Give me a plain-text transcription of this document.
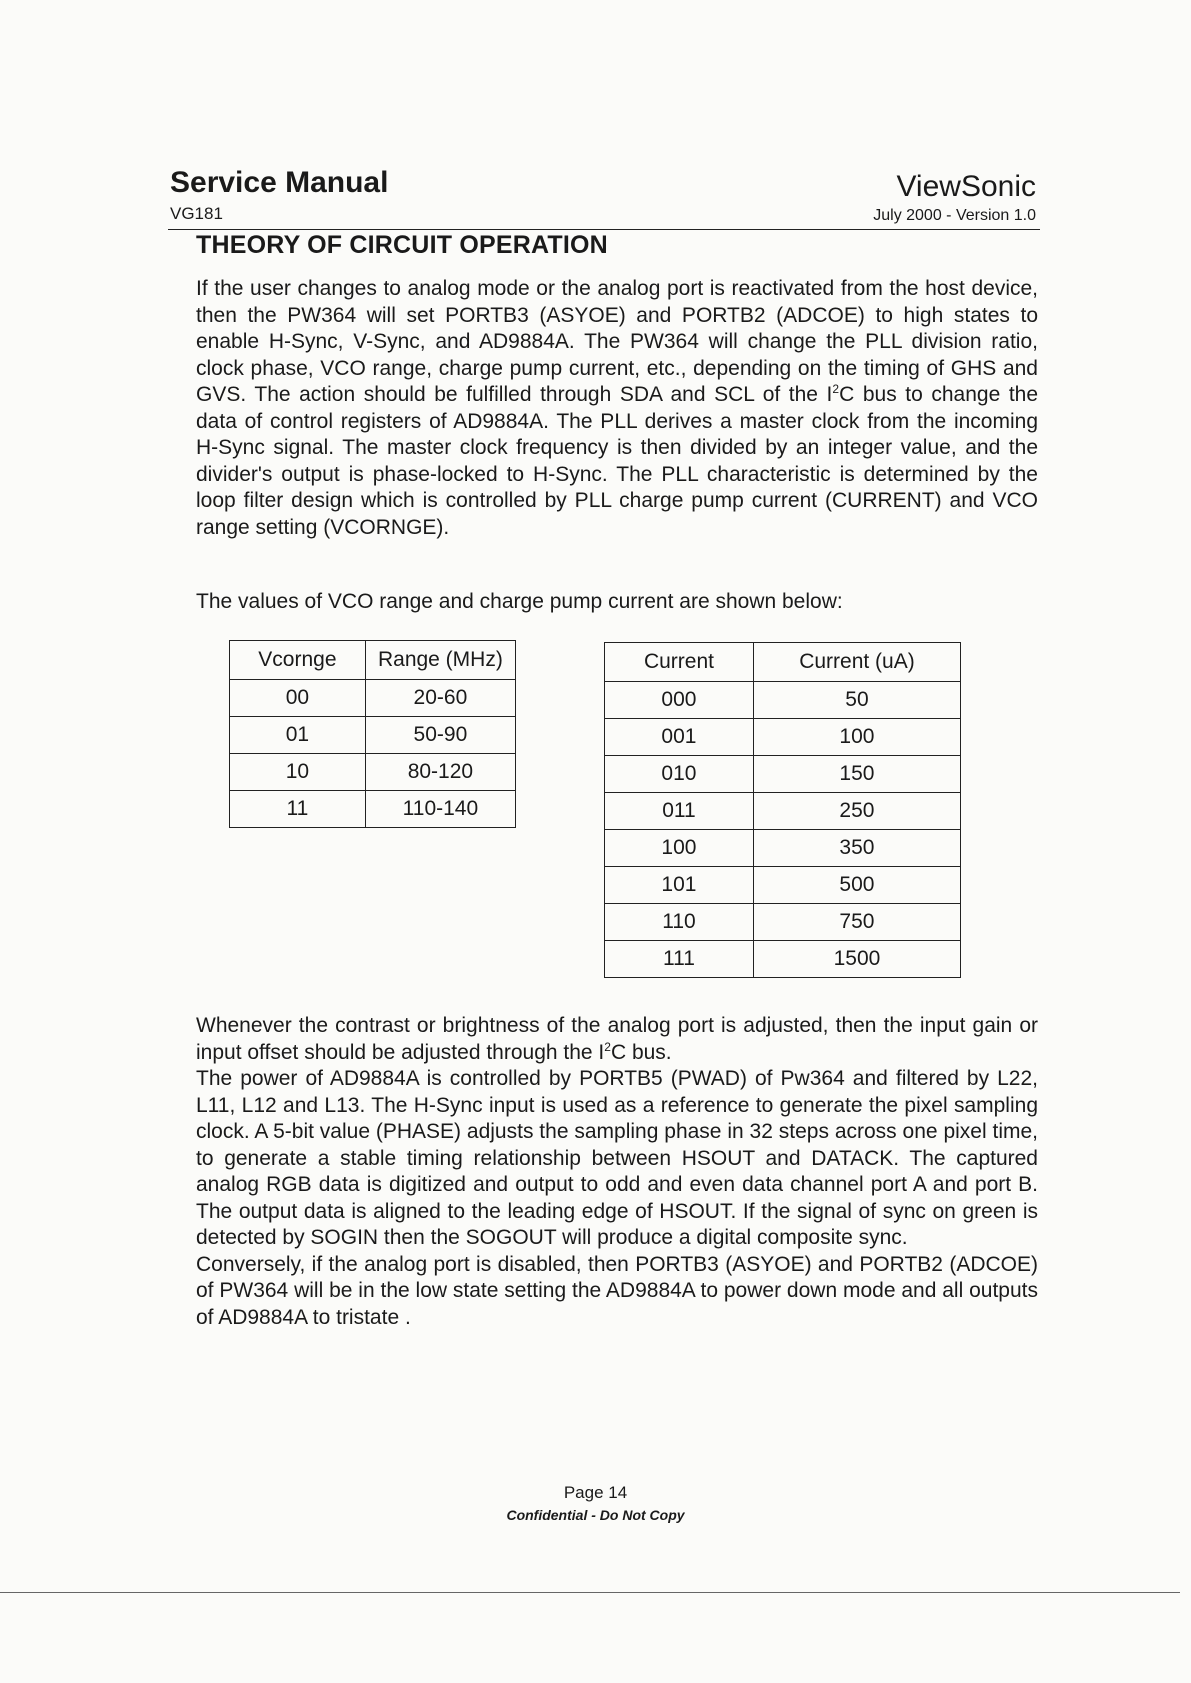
Service Manual	ViewSonic
VG181	July 2000 - Version 1.0
THEORY OF CIRCUIT OPERATION

If the user changes to analog mode or the analog port is reactivated from the host device, then the PW364 will set PORTB3 (ASYOE) and PORTB2 (ADCOE) to high states to enable H-Sync, V-Sync, and AD9884A. The PW364 will change the PLL division ratio, clock phase, VCO range, charge pump current, etc., depending on the timing of GHS and GVS. The action should be fulfilled through SDA and SCL of the $I^2C$ bus to change the data of control registers of AD9884A. The PLL derives a master clock from the incoming H-Sync signal. The master clock frequency is then divided by an integer value, and the divider's output is phase-locked to H-Sync. The PLL characteristic is determined by the loop filter design which is controlled by PLL charge pump current (CURRENT) and VCO range setting (VCORNGE).

The values of VCO range and charge pump current are shown below:

Vcornge	Range (MHz)
00	20-60
01	50-90
10	80-120
11	110-140
Current	Current (uA)
000	50
001	100
010	150
011	250
100	350
101	500
110	750
111	1500
Whenever the contrast or brightness of the analog port is adjusted, then the input gain or input offset should be adjusted through the $I^2C$ bus.
The power of AD9884A is controlled by PORTB5 (PWAD) of Pw364 and filtered by L22, L11, L12 and L13. The H-Sync input is used as a reference to generate the pixel sampling clock. A 5-bit value (PHASE) adjusts the sampling phase in 32 steps across one pixel time, to generate a stable timing relationship between HSOUT and DATACK. The captured analog RGB data is digitized and output to odd and even data channel port A and port B. The output data is aligned to the leading edge of HSOUT. If the signal of sync on green is detected by SOGIN then the SOGOUT will produce a digital composite sync.
Conversely, if the analog port is disabled, then PORTB3 (ASYOE) and PORTB2 (ADCOE) of PW364 will be in the low state setting the AD9884A to power down mode and all outputs of AD9884A to tristate .
Page 14
Confidential - Do Not Copy
